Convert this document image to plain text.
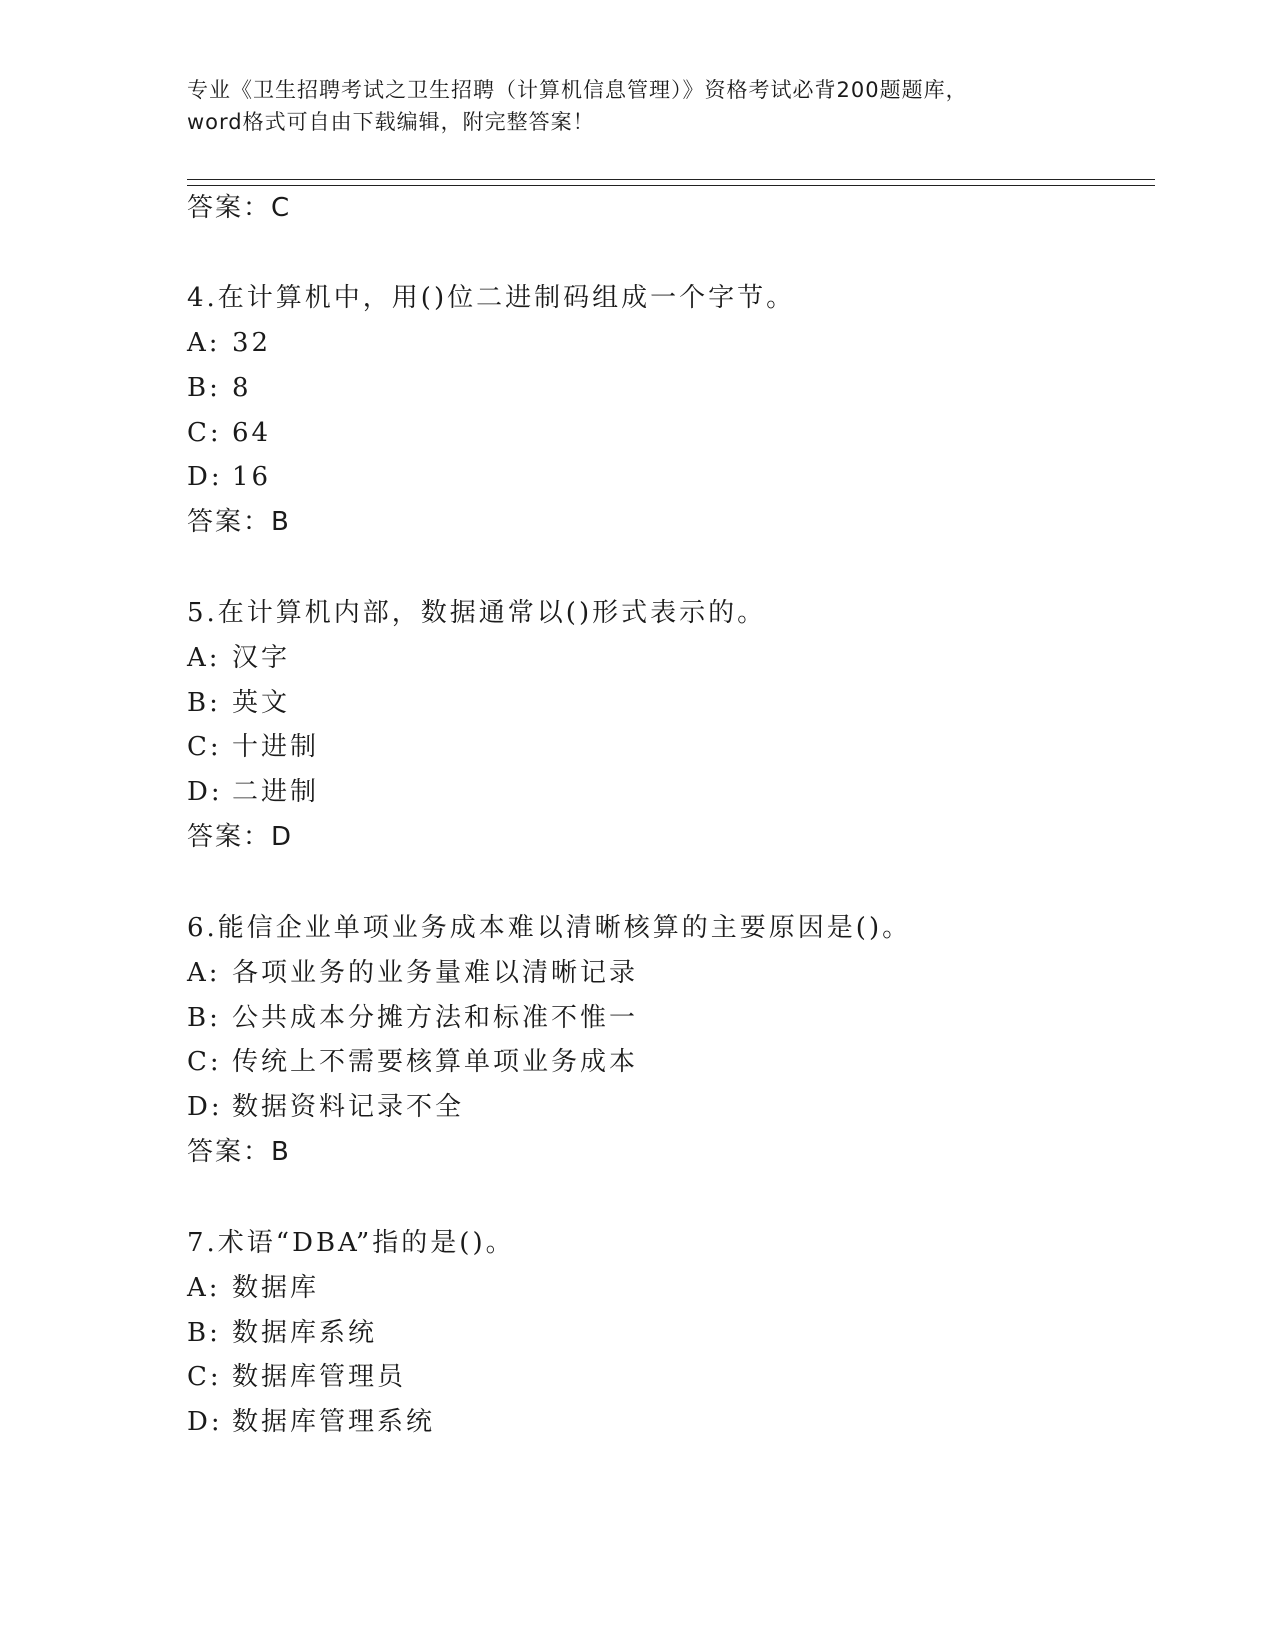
专业《卫生招聘考试之卫生招聘（计算机信息管理）》资格考试必背200题题库，
word格式可自由下载编辑，附完整答案！
答案：C
4.在计算机中，用()位二进制码组成一个字节。
A: 32
B: 8
C: 64
D: 16
答案：B
5.在计算机内部，数据通常以()形式表示的。
A: 汉字
B: 英文
C: 十进制
D: 二进制
答案：D
6.能信企业单项业务成本难以清晰核算的主要原因是()。
A: 各项业务的业务量难以清晰记录
B: 公共成本分摊方法和标准不惟一
C: 传统上不需要核算单项业务成本
D: 数据资料记录不全
答案：B
7.术语“DBA”指的是()。
A: 数据库
B: 数据库系统
C: 数据库管理员
D: 数据库管理系统
